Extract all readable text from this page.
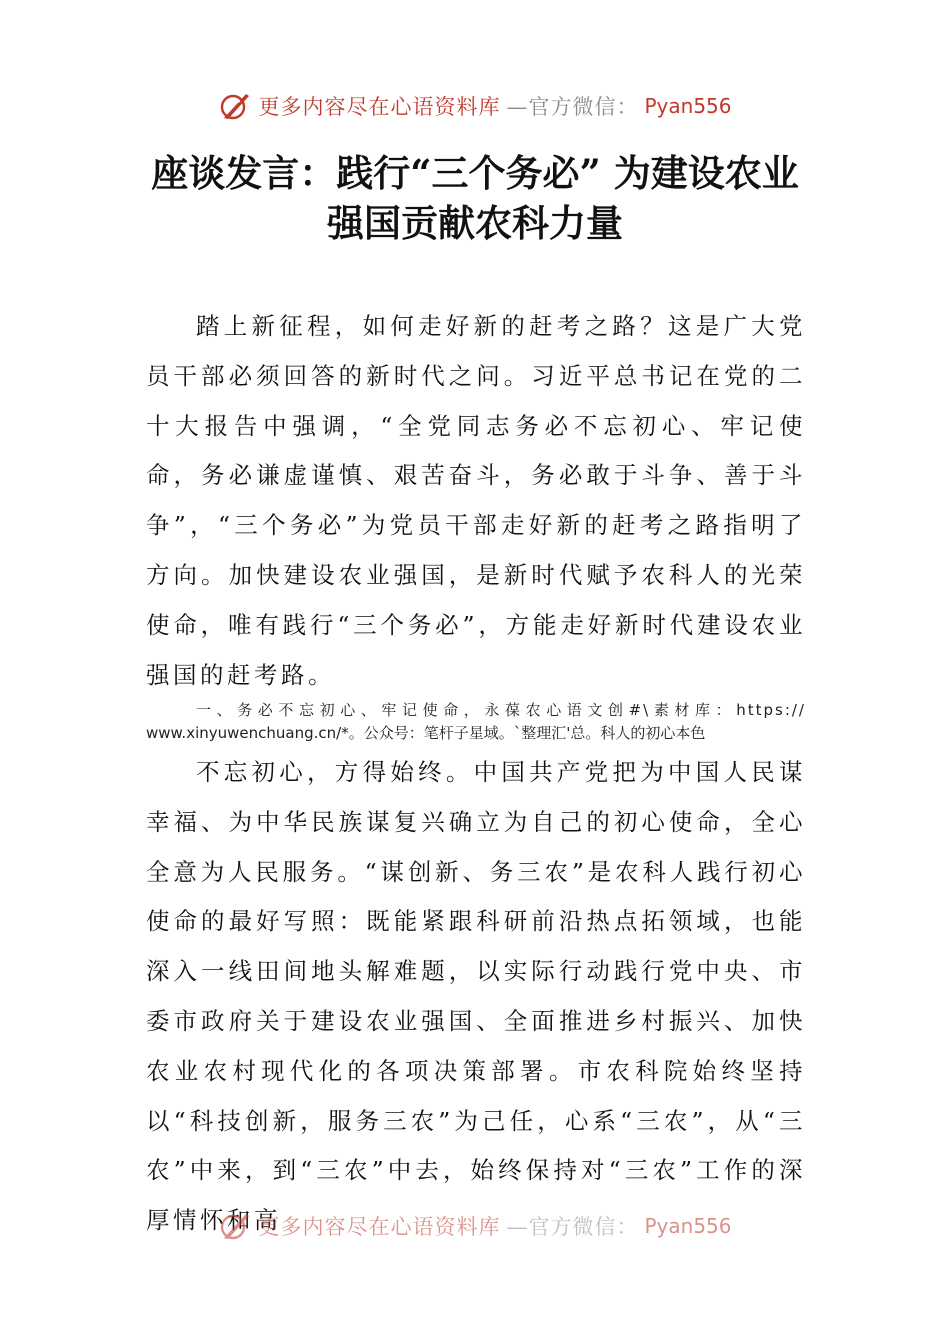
更多内容尽在心语资料库 —官方微信： Pyan556
座谈发言：践行“三个务必” 为建设农业
强国贡献农科力量

踏上新征程，如何走好新的赶考之路？这是广大党员干部必须回答的新时代之问。习近平总书记在党的二十大报告中强调，“全党同志务必不忘初心、牢记使命，务必谦虚谨慎、艰苦奋斗，务必敢于斗争、善于斗争”，“三个务必”为党员干部走好新的赶考之路指明了方向。加快建设农业强国，是新时代赋予农科人的光荣使命，唯有践行“三个务必”，方能走好新时代建设农业强国的赶考路。

一、务必不忘初心、牢记使命，永葆农心语文创#\素材库：https://
www.xinyuwenchuang.cn/*。公众号：笔杆子星域。`整理汇'总。科人的初心本色

不忘初心，方得始终。中国共产党把为中国人民谋幸福、为中华民族谋复兴确立为自己的初心使命，全心全意为人民服务。“谋创新、务三农”是农科人践行初心使命的最好写照：既能紧跟科研前沿热点拓领域，也能深入一线田间地头解难题，以实际行动践行党中央、市委市政府关于建设农业强国、全面推进乡村振兴、加快农业农村现代化的各项决策部署。市农科院始终坚持以“科技创新，服务三农”为己任，心系“三农”，从“三农”中来，到“三农”中去，始终保持对“三农”工作的深厚情怀和高

更多内容尽在心语资料库 —官方微信： Pyan556
